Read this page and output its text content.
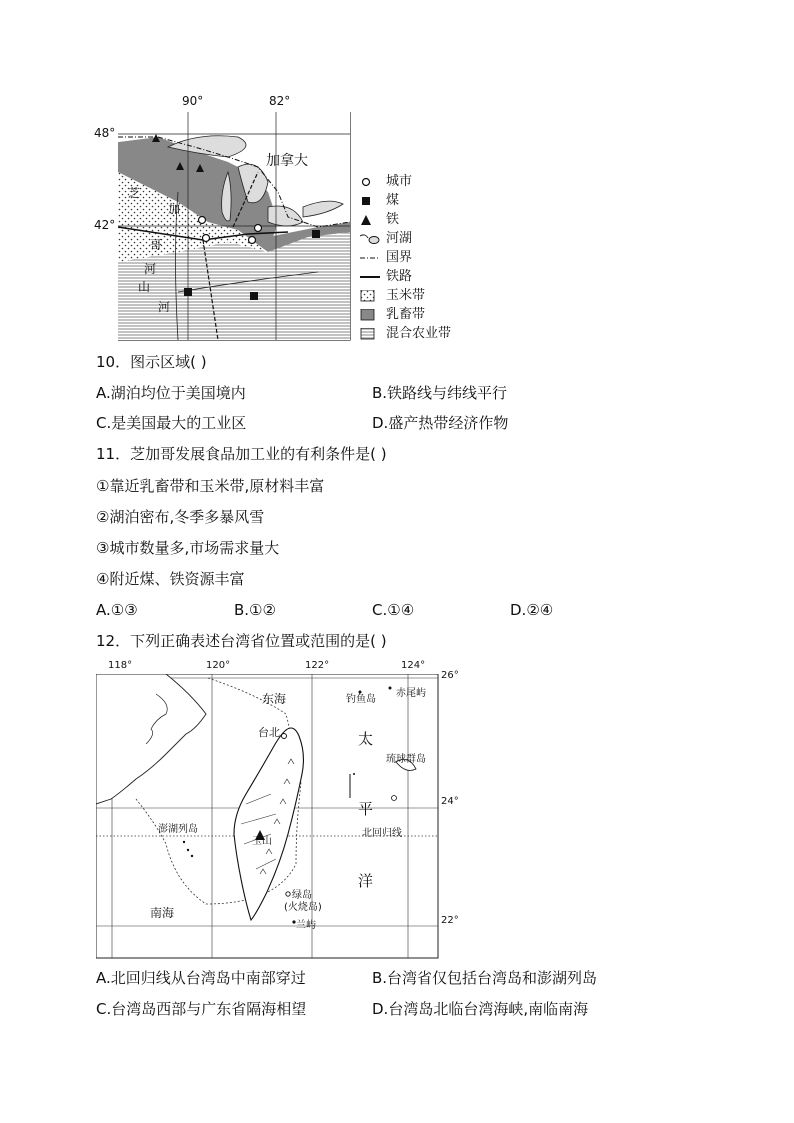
90°	82°
48°
42°
加拿大
芝
加
哥
河
山
河
城市
煤
铁
河湖
国界
铁路
玉米带
乳畜带
混合农业带
10．图示区域( )
A.湖泊均位于美国境内	B.铁路线与纬线平行
C.是美国最大的工业区	D.盛产热带经济作物
11．芝加哥发展食品加工业的有利条件是( )
①靠近乳畜带和玉米带,原材料丰富
②湖泊密布,冬季多暴风雪
③城市数量多,市场需求量大
④附近煤、铁资源丰富
A.①③	B.①②	C.①④	D.②④
12．下列正确表述台湾省位置或范围的是( )
118°	120°	122°	124°
26°
24°
22°
东海	钓鱼岛
赤尾屿
台北	太
琉球群岛
平
澎湖列岛
玉山
北回归线
洋
绿岛
(火烧岛)
南海
兰屿
A.北回归线从台湾岛中南部穿过	B.台湾省仅包括台湾岛和澎湖列岛
C.台湾岛西部与广东省隔海相望	D.台湾岛北临台湾海峡,南临南海
